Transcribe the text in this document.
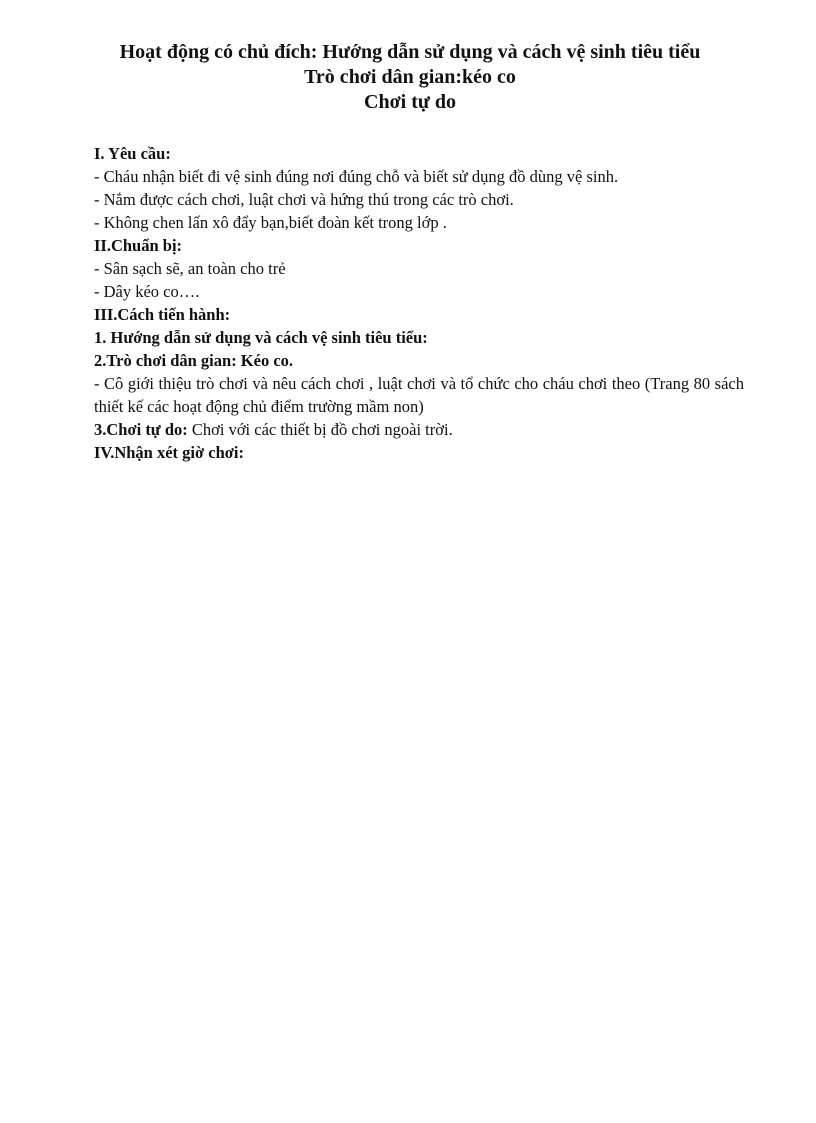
Hoạt động có chủ đích: Hướng dẫn sử dụng và cách vệ sinh tiêu tiểu
Trò chơi dân gian:kéo co
Chơi tự do
I. Yêu cầu:
- Cháu nhận biết đi vệ sinh đúng nơi đúng chỗ và biết sử dụng đồ dùng vệ sinh.
- Nắm được cách chơi, luật chơi và hứng thú trong các trò chơi.
- Không chen lấn xô đẩy bạn,biết đoàn kết trong lớp .
II.Chuẩn bị:
- Sân sạch sẽ, an toàn cho trẻ
- Dây kéo co….
III.Cách tiến hành:
1. Hướng dẫn sử dụng và cách vệ sinh tiêu tiểu:
2.Trò chơi dân gian: Kéo co.
- Cô giới thiệu trò chơi và nêu cách chơi , luật chơi và tổ chức cho cháu chơi theo (Trang 80 sách thiết kế các hoạt động chủ điểm trường mầm non)
3.Chơi tự do: Chơi với các thiết bị đồ chơi ngoài trời.
IV.Nhận xét giờ chơi:
